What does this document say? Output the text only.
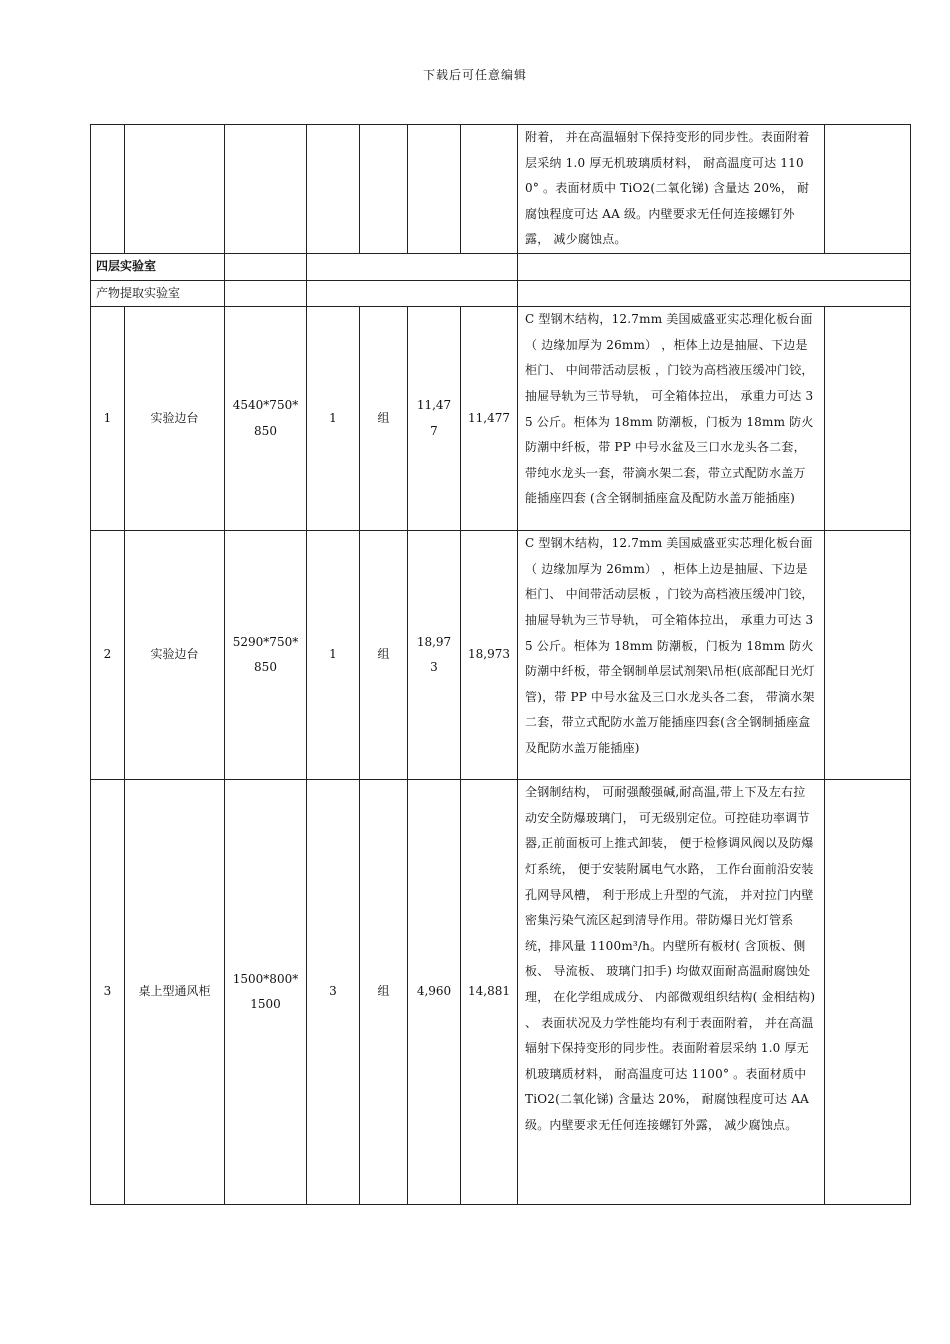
下载后可任意编辑
							附着， 并在高温辐射下保持变形的同步性。表面附着层采纳 1.0 厚无机玻璃质材料， 耐高温度可达 1100° 。表面材质中 TiO2(二氧化锑) 含量达 20%， 耐腐蚀程度可达 AA 级。内壁要求无任何连接螺钉外露， 减少腐蚀点。	
四层实验室								
产物提取实验室								
1	实验边台	4540*750*850	1	组	11,477	11,477	C 型钢木结构，12.7mm 美国威盛亚实芯理化板台面（ 边缘加厚为 26mm） ，柜体上边是抽屉、下边是柜门、 中间带活动层板 ，门铰为高档液压缓冲门铰， 抽屉导轨为三节导轨， 可全箱体拉出， 承重力可达 35 公斤。柜体为 18mm 防潮板，门板为 18mm 防火防潮中纤板，带 PP 中号水盆及三口水龙头各二套， 带纯水龙头一套，带滴水架二套，带立式配防水盖万能插座四套 (含全钢制插座盒及配防水盖万能插座)	
2	实验边台	5290*750*850	1	组	18,973	18,973	C 型钢木结构，12.7mm 美国威盛亚实芯理化板台面（ 边缘加厚为 26mm） ，柜体上边是抽屉、下边是柜门、 中间带活动层板 ，门铰为高档液压缓冲门铰， 抽屉导轨为三节导轨， 可全箱体拉出， 承重力可达 35 公斤。柜体为 18mm 防潮板，门板为 18mm 防火防潮中纤板，带全钢制单层试剂架\吊柜(底部配日光灯管)，带 PP 中号水盆及三口水龙头各二套， 带滴水架二套，带立式配防水盖万能插座四套(含全钢制插座盒及配防水盖万能插座)	
3	桌上型通风柜	1500*800*1500	3	组	4,960	14,881	全钢制结构， 可耐强酸强碱,耐高温,带上下及左右拉动安全防爆玻璃门， 可无级别定位。可控硅功率调节器,正前面板可上推式卸装， 便于检修调风阀以及防爆灯系统， 便于安装附属电气水路， 工作台面前沿安装孔网导风槽， 利于形成上升型的气流， 并对拉门内壁密集污染气流区起到清导作用。带防爆日光灯管系统，排风量 1100m³/h。内壁所有板材( 含顶板、侧板、 导流板、 玻璃门扣手) 均做双面耐高温耐腐蚀处理， 在化学组成成分、 内部微观组织结构( 金相结构) 、 表面状况及力学性能均有利于表面附着， 并在高温辐射下保持变形的同步性。表面附着层采纳 1.0 厚无机玻璃质材料， 耐高温度可达 1100° 。表面材质中 TiO2(二氧化锑) 含量达 20%， 耐腐蚀程度可达 AA 级。内壁要求无任何连接螺钉外露， 减少腐蚀点。	
